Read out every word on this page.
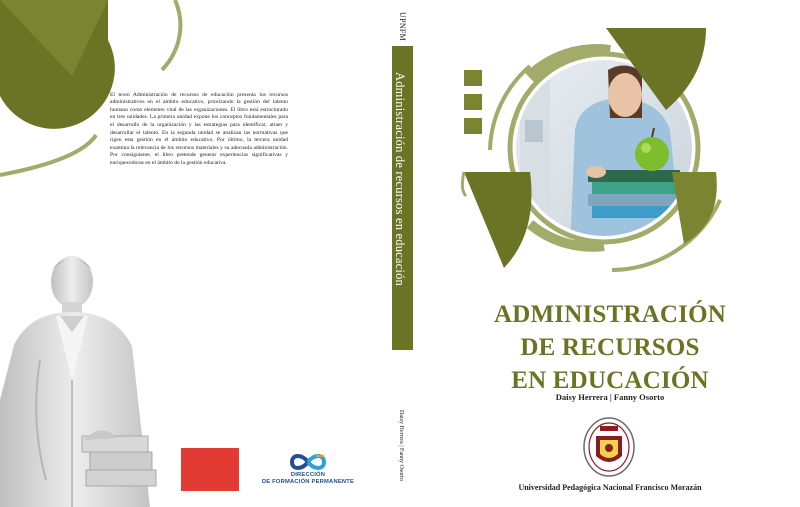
El texto Administración de recursos de educación presenta los recursos administrativos en el ámbito educativo, priorizando la gestión del talento humano como elemento vital de las organizaciones. El libro está estructurado en tres unidades. La primera unidad expone los conceptos fundamentales para el desarrollo de la organización y las estrategias para identificar, atraer y desarrollar el talento. En la segunda unidad se analizan las normativas que rigen esta gestión en el ámbito educativo. Por último, la tercera unidad examina la relevancia de los recursos materiales y su adecuada administración. Por consiguiente, el libro pretende generar experiencias significativas y enriquecedoras en el ámbito de la gestión educativa.

DIRECCIÓN
DE FORMACIÓN PERMANENTE
UPNFM
Administración de recursos en educación
Daisy Herrera | Fanny Osorto
ADMINISTRACIÓN
DE RECURSOS
EN EDUCACIÓN
Daisy Herrera | Fanny Osorto
Universidad Pedagógica Nacional Francisco Morazán
